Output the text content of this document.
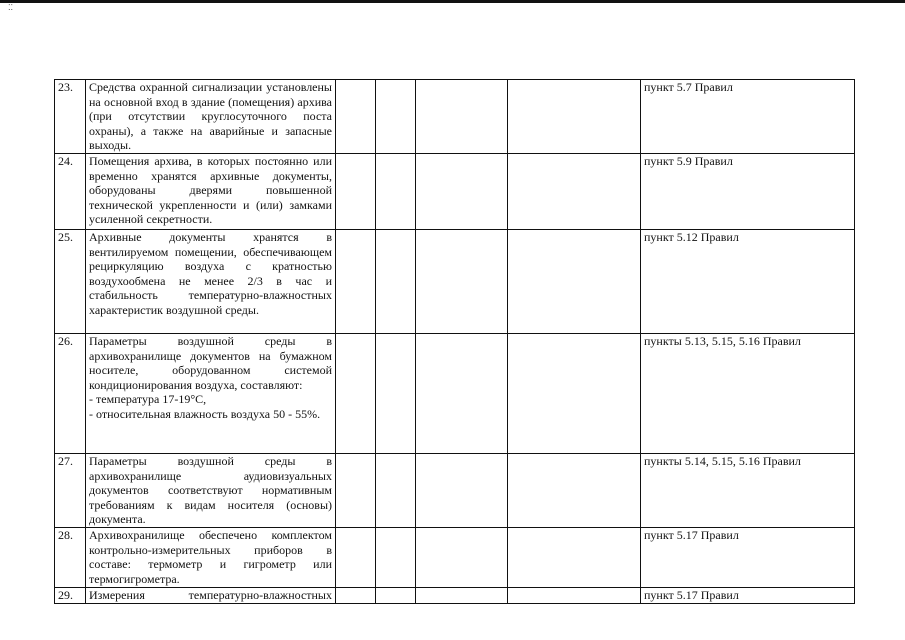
⁚⁚
23.	Средства охранной сигнализации установлены на основной вход в здание (помещения) архива (при отсутствии круглосуточного поста охраны), а также на аварийные и запасные выходы.					пункт 5.7 Правил
24.	Помещения архива, в которых постоянно или временно хранятся архивные документы, оборудованы дверями повышенной технической укрепленности и (или) замками усиленной секретности.					пункт 5.9 Правил
25.	Архивные документы хранятся в вентилируемом помещении, обеспечивающем рециркуляцию воздуха с кратностью воздухообмена не менее 2/3 в час и стабильность температурно-влажностных характеристик воздушной среды.					пункт 5.12 Правил
26.	Параметры воздушной среды в архивохранилище документов на бумажном носителе, оборудованном системой кондиционирования воздуха, составляют:
- температура 17-19°С,
- относительная влажность воздуха 50 - 55%.					пункты 5.13, 5.15, 5.16 Правил
27.	Параметры воздушной среды в архивохранилище аудиовизуальных документов соответствуют нормативным требованиям к видам носителя (основы) документа.					пункты 5.14, 5.15, 5.16 Правил
28.	Архивохранилище обеспечено комплектом контрольно-измерительных приборов в составе: термометр и гигрометр или термогигрометра.					пункт 5.17 Правил
29.	Измерения температурно-влажностных					пункт 5.17 Правил
